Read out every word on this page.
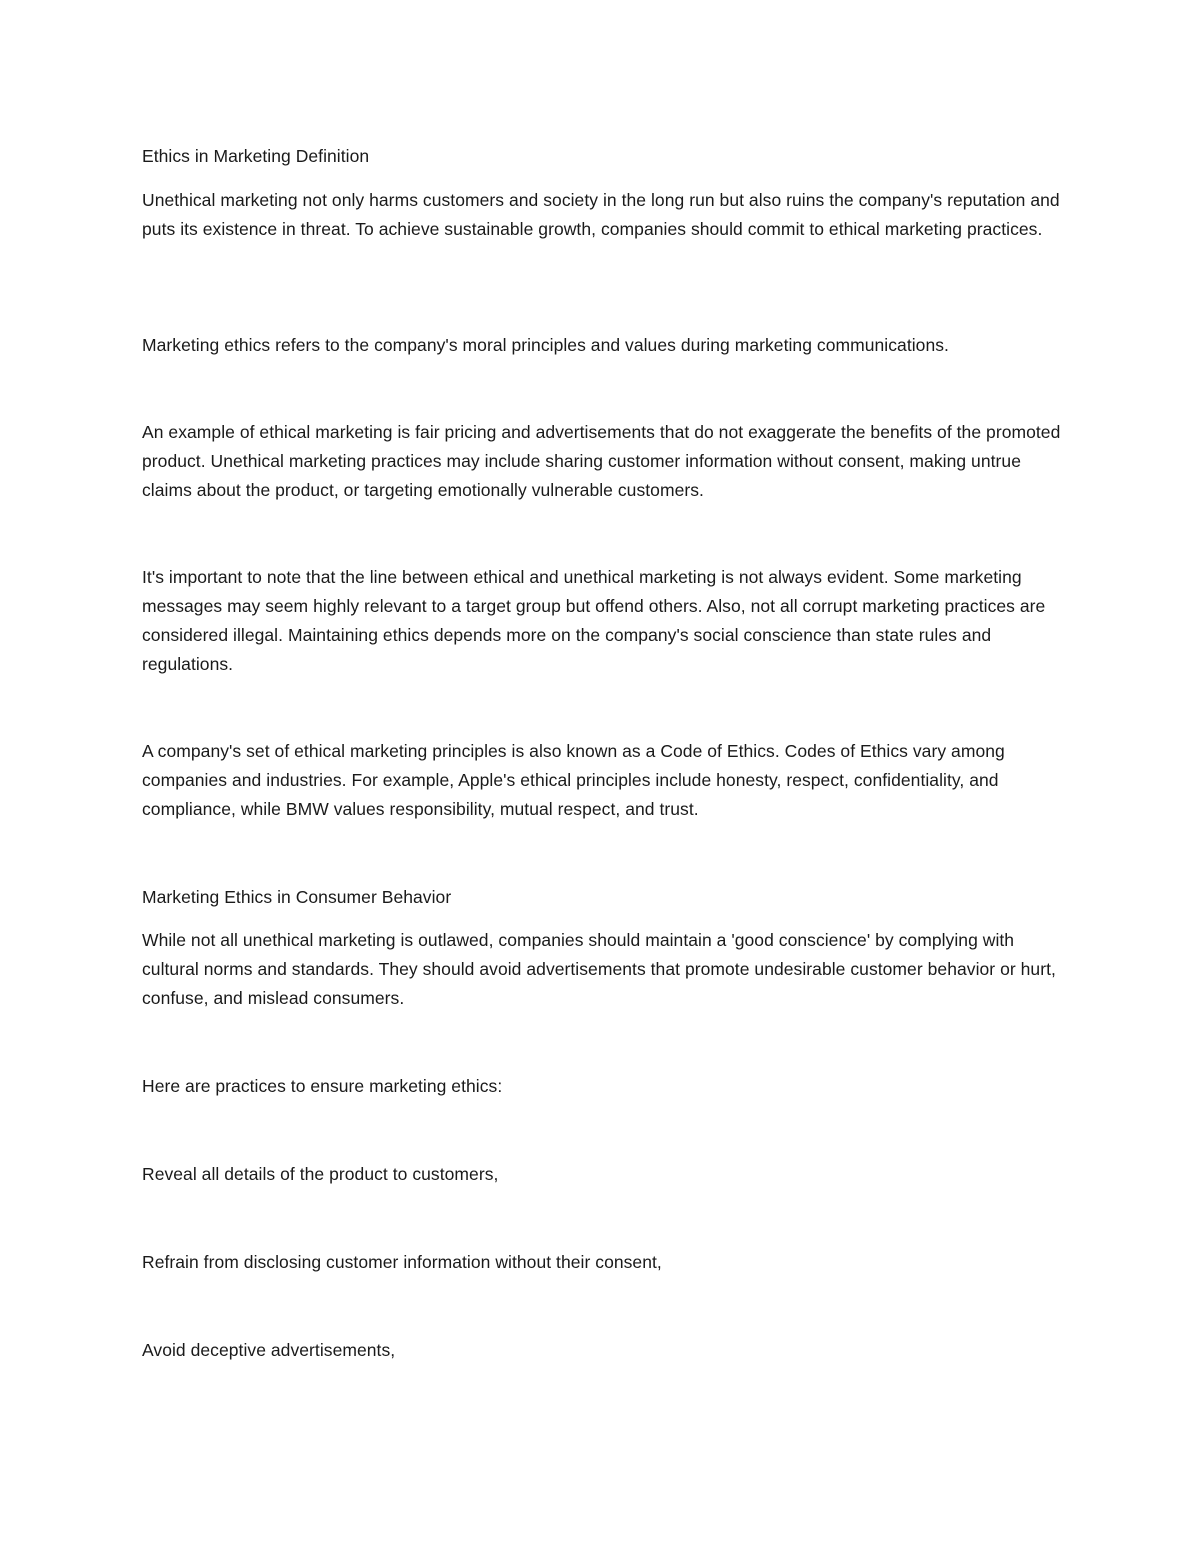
Ethics in Marketing Definition

Unethical marketing not only harms customers and society in the long run but also ruins the company's reputation and puts its existence in threat. To achieve sustainable growth, companies should commit to ethical marketing practices.

Marketing ethics refers to the company's moral principles and values during marketing communications.

An example of ethical marketing is fair pricing and advertisements that do not exaggerate the benefits of the promoted product. Unethical marketing practices may include sharing customer information without consent, making untrue claims about the product, or targeting emotionally vulnerable customers.

It's important to note that the line between ethical and unethical marketing is not always evident. Some marketing messages may seem highly relevant to a target group but offend others. Also, not all corrupt marketing practices are considered illegal. Maintaining ethics depends more on the company's social conscience than state rules and regulations.

A company's set of ethical marketing principles is also known as a Code of Ethics. Codes of Ethics vary among companies and industries. For example, Apple's ethical principles include honesty, respect, confidentiality, and compliance, while BMW values responsibility, mutual respect, and trust.

Marketing Ethics in Consumer Behavior

While not all unethical marketing is outlawed, companies should maintain a 'good conscience' by complying with cultural norms and standards. They should avoid advertisements that promote undesirable customer behavior or hurt, confuse, and mislead consumers.

Here are practices to ensure marketing ethics:

Reveal all details of the product to customers,

Refrain from disclosing customer information without their consent,

Avoid deceptive advertisements,
